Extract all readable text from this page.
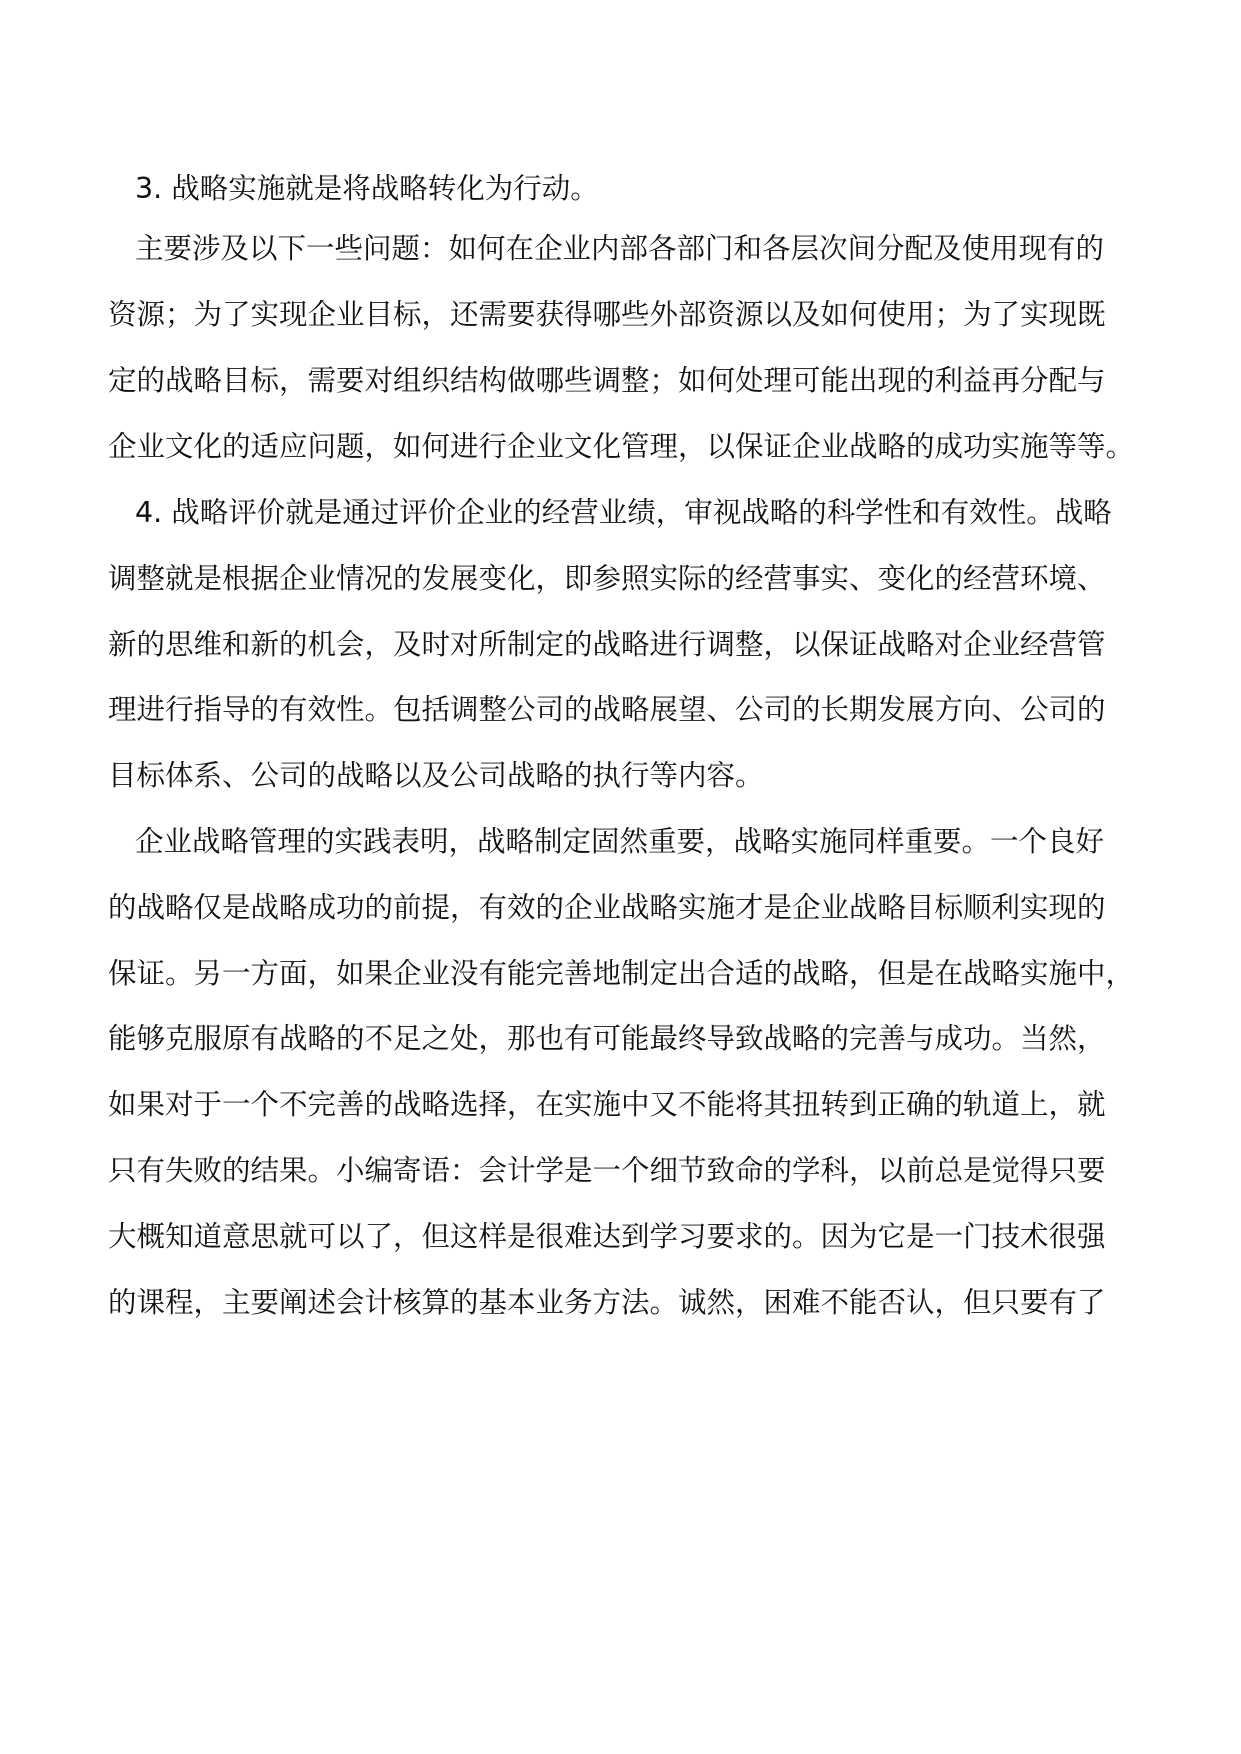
3. 战略实施就是将战略转化为行动。

主要涉及以下一些问题：如何在企业内部各部门和各层次间分配及使用现有的

资源；为了实现企业目标，还需要获得哪些外部资源以及如何使用；为了实现既

定的战略目标，需要对组织结构做哪些调整；如何处理可能出现的利益再分配与

企业文化的适应问题，如何进行企业文化管理，以保证企业战略的成功实施等等。

4. 战略评价就是通过评价企业的经营业绩，审视战略的科学性和有效性。战略

调整就是根据企业情况的发展变化，即参照实际的经营事实、变化的经营环境、

新的思维和新的机会，及时对所制定的战略进行调整，以保证战略对企业经营管

理进行指导的有效性。包括调整公司的战略展望、公司的长期发展方向、公司的

目标体系、公司的战略以及公司战略的执行等内容。

企业战略管理的实践表明，战略制定固然重要，战略实施同样重要。一个良好

的战略仅是战略成功的前提，有效的企业战略实施才是企业战略目标顺利实现的

保证。另一方面，如果企业没有能完善地制定出合适的战略，但是在战略实施中，

能够克服原有战略的不足之处，那也有可能最终导致战略的完善与成功。当然，

如果对于一个不完善的战略选择，在实施中又不能将其扭转到正确的轨道上，就

只有失败的结果。小编寄语：会计学是一个细节致命的学科，以前总是觉得只要

大概知道意思就可以了，但这样是很难达到学习要求的。因为它是一门技术很强

的课程，主要阐述会计核算的基本业务方法。诚然，困难不能否认，但只要有了
